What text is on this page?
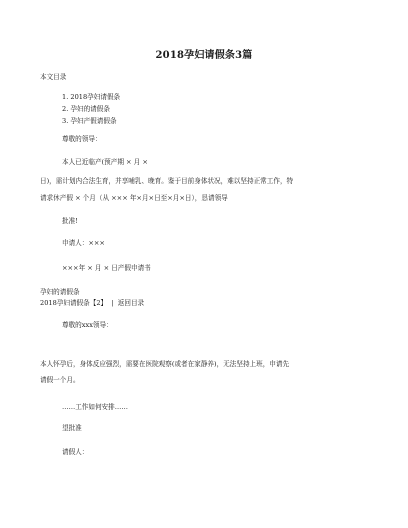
2018孕妇请假条3篇
本文目录
1. 2018孕妇请假条
2. 孕妇的请假条
3. 孕妇产假请假条
尊敬的领导：
本人已近临产(预产期 × 月 ×
日)，需计划内合法生育，并享哺乳、晚育。鉴于目前身体状况，难以坚持正常工作，特
请求休产假 × 个月（从 ××× 年×月×日至×月×日），恳请领导
批准!
申请人：×××
×××年 × 月 × 日产假申请书
孕妇的请假条
2018孕妇请假条【2】  |  返回目录
尊敬的xxx领导：
本人怀孕后，身体反应强烈，需要在医院观察(或者在家静养)，无法坚持上班，申请先
请假一个月。
……工作如何安排……
望批准
请假人：
